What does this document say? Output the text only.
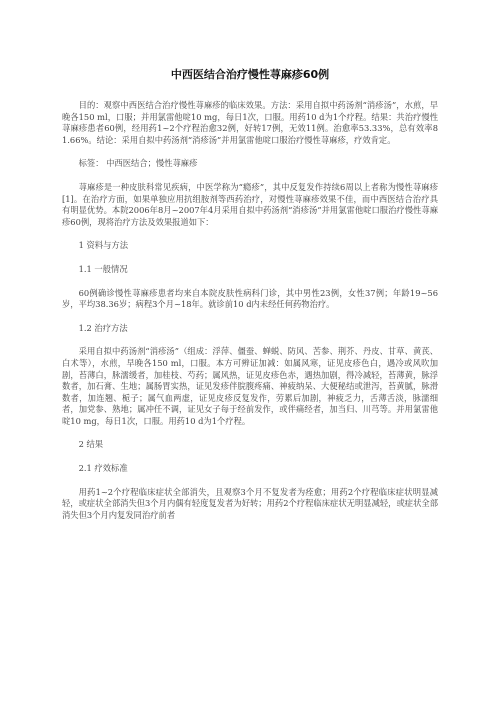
中西医结合治疗慢性荨麻疹60例

目的：观察中西医结合治疗慢性荨麻疹的临床效果。方法：采用自拟中药汤剂“消疹汤”，水煎，早晚各150 ml，口服；并用氯雷他啶10 mg，每日1次，口服。用药10 d为1个疗程。结果：共治疗慢性荨麻疹患者60例，经用药1~2个疗程治愈32例，好转17例，无效11例。治愈率53.33%，总有效率81.66%。结论：采用自拟中药汤剂“消疹汤”并用氯雷他啶口服治疗慢性荨麻疹，疗效肯定。

标签： 中西医结合；慢性荨麻疹

荨麻疹是一种皮肤科常见疾病，中医学称为“瘾疹”，其中反复发作持续6周以上者称为慢性荨麻疹[1]。在治疗方面，如果单独应用抗组胺剂等西药治疗，对慢性荨麻疹效果不佳，而中西医结合治疗具有明显优势。本院2006年8月~2007年4月采用自拟中药汤剂“消疹汤”并用氯雷他啶口服治疗慢性荨麻疹60例，现将治疗方法及效果报道如下：

1 资料与方法

1.1 一般情况

60例确诊慢性荨麻疹患者均来自本院皮肤性病科门诊，其中男性23例，女性37例；年龄19~56岁，平均38.36岁；病程3个月~18年。就诊前10 d内未经任何药物治疗。

1.2 治疗方法

采用自拟中药汤剂“消疹汤”（组成：浮萍、僵蚕、蝉蜕、防风、苦参、荆芥、丹皮、甘草、黄芪、白术等），水煎，早晚各150 ml，口服。本方可辨证加减：如属风寒，证见皮疹色白，遇冷或风吹加剧，苔薄白，脉濡缓者，加桂枝、芍药；属风热，证见皮疹色赤，遇热加剧，得冷减轻，苔薄黄，脉浮数者，加石膏、生地；属肠胃实热，证见发疹伴脘腹疼痛、神疲纳呆、大便秘结或泄泻，苔黄腻，脉滑数者，加连翘、栀子；属气血两虚，证见皮疹反复发作，劳累后加剧，神疲乏力，舌薄舌淡，脉濡细者，加党参、熟地；属冲任不调，证见女子每于经前发作，或伴痛经者，加当归、川芎等。并用氯雷他啶10 mg，每日1次，口服。用药10 d为1个疗程。

2 结果

2.1 疗效标准

用药1~2个疗程临床症状全部消失，且观察3个月不复发者为痊愈；用药2个疗程临床症状明显减轻，或症状全部消失但3个月内偶有轻度复发者为好转；用药2个疗程临床症状无明显减轻，或症状全部消失但3个月内复发同治疗前者
